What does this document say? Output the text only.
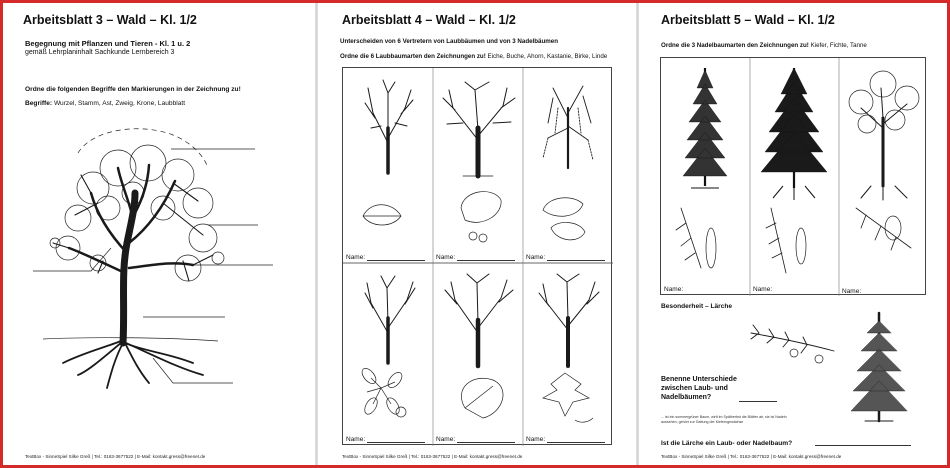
Arbeitsblatt 3 – Wald – Kl. 1/2
Begegnung mit Pflanzen und Tieren - Kl. 1 u. 2
gemäß Lehrplaninhalt Sachkunde Lernbereich 3
Ordne die folgenden Begriffe den Markierungen in der Zeichnung zu!
Begriffe: Wurzel, Stamm, Ast, Zweig, Krone, Laubblatt
TextBox - SinneSpiel Silke Greß | Tel.: 0163-3677522 | E-Mail: kontakt.gress@freenet.de
Arbeitsblatt 4 – Wald – Kl. 1/2
Unterscheiden von 6 Vertretern von Laubbäumen und von 3 Nadelbäumen
Ordne die 6 Laubbaumarten den Zeichnungen zu! Eiche, Buche, Ahorn, Kastanie, Birke, Linde
Name:	Name:	Name:
Name:	Name:	Name:
TextBox - SinneSpiel Silke Greß | Tel.: 0163-3677522 | E-Mail: kontakt.gress@freenet.de
Arbeitsblatt 5 – Wald – Kl. 1/2
Ordne die 3 Nadelbaumarten den Zeichnungen zu! Kiefer, Fichte, Tanne
Name:	Name:	Name:
Besonderheit – Lärche
Benenne Unterschiede zwischen Laub- und Nadelbäumen?
... ist ein sommergrüner Baum, wirft im Spätherbst die Blätter ab, sie ist Nadeln aussehen, gehört zur Gattung der Kieferngewächse
Ist die Lärche ein Laub- oder Nadelbaum?
TextBox - SinneSpiel Silke Greß | Tel.: 0163-3677522 | E-Mail: kontakt.gress@freenet.de
